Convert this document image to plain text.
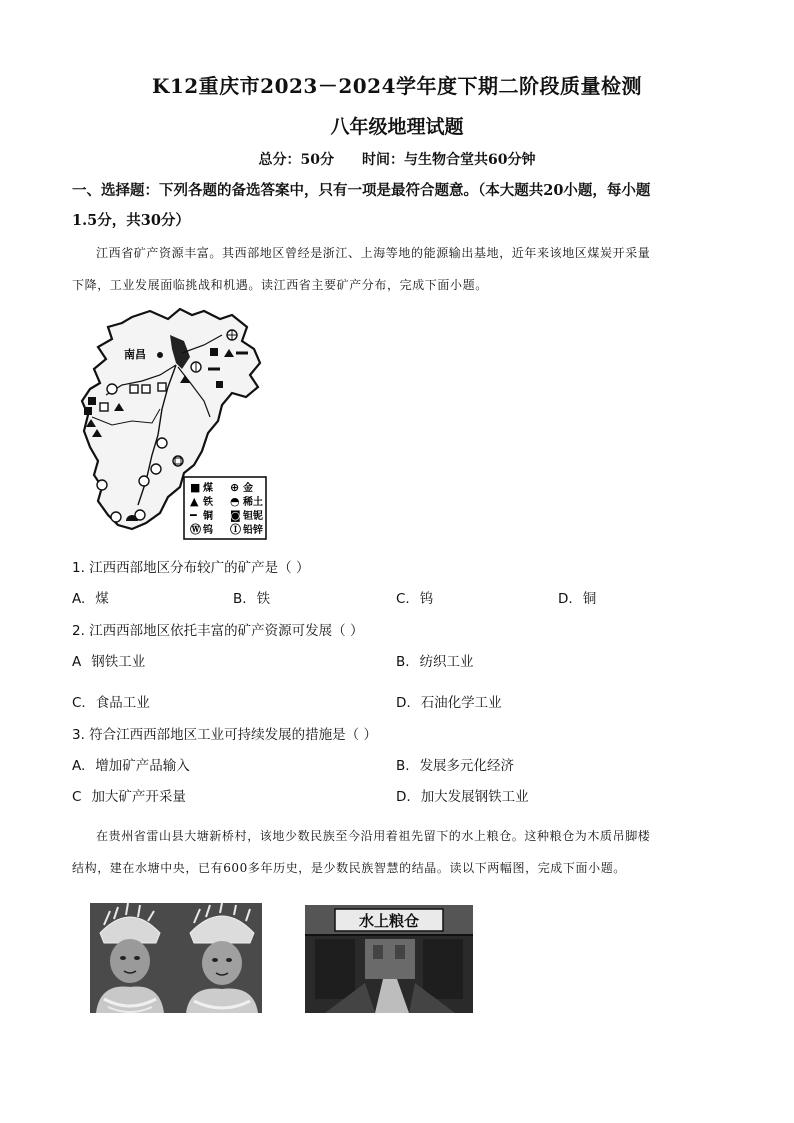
K12重庆市2023－2024学年度下期二阶段质量检测
八年级地理试题
总分：50分 时间：与生物合堂共60分钟
一、选择题：下列各题的备选答案中，只有一项是最符合题意。（本大题共20小题，每小题
1.5分，共30分）
江西省矿产资源丰富。其西部地区曾经是浙江、上海等地的能源输出基地，近年来该地区煤炭开采量
下降，工业发展面临挑战和机遇。读江西省主要矿产分布，完成下面小题。
南昌
■ 煤 ⊕ 金
▲ 铁 ◓ 稀土
━ 铜 ◙ 钽铌
Ⓦ 钨 Ⓘ 铅锌
1. 江西西部地区分布较广的矿产是（ ）
A. 煤	B. 铁	C. 钨	D. 铜
2. 江西西部地区依托丰富的矿产资源可发展（ ）
A 钢铁工业	B. 纺织工业
C. 食品工业	D. 石油化学工业
3. 符合江西西部地区工业可持续发展的措施是（ ）
A. 增加矿产品输入	B. 发展多元化经济
C 加大矿产开采量	D. 加大发展钢铁工业
在贵州省雷山县大塘新桥村，该地少数民族至今沿用着祖先留下的水上粮仓。这种粮仓为木质吊脚楼
结构，建在水塘中央，已有600多年历史，是少数民族智慧的结晶。读以下两幅图，完成下面小题。
水上粮仓
